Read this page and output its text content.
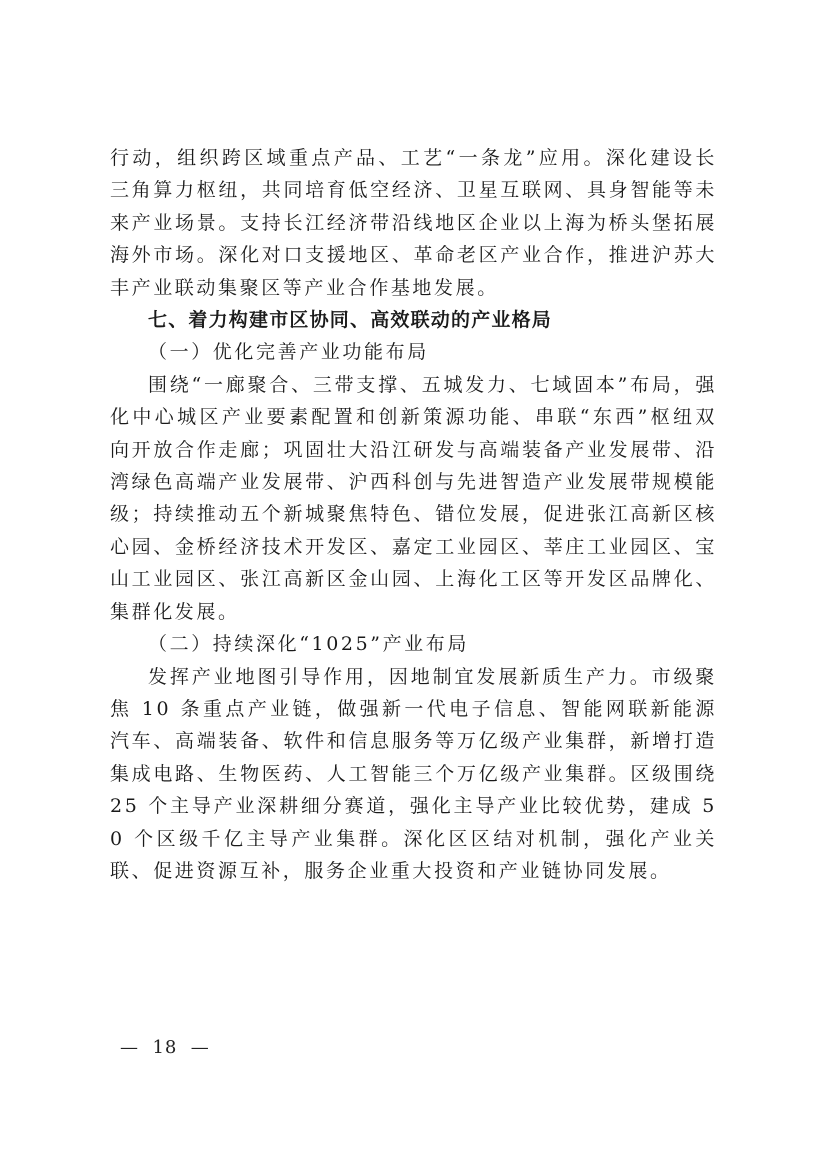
行动，组织跨区域重点产品、工艺“一条龙”应用。深化建设长三角算力枢纽，共同培育低空经济、卫星互联网、具身智能等未来产业场景。支持长江经济带沿线地区企业以上海为桥头堡拓展海外市场。深化对口支援地区、革命老区产业合作，推进沪苏大丰产业联动集聚区等产业合作基地发展。

七、着力构建市区协同、高效联动的产业格局

（一）优化完善产业功能布局

围绕“一廊聚合、三带支撑、五城发力、七域固本”布局，强化中心城区产业要素配置和创新策源功能、串联“东西”枢纽双向开放合作走廊；巩固壮大沿江研发与高端装备产业发展带、沿湾绿色高端产业发展带、沪西科创与先进智造产业发展带规模能级；持续推动五个新城聚焦特色、错位发展，促进张江高新区核心园、金桥经济技术开发区、嘉定工业园区、莘庄工业园区、宝山工业园区、张江高新区金山园、上海化工区等开发区品牌化、集群化发展。

（二）持续深化“1025”产业布局

发挥产业地图引导作用，因地制宜发展新质生产力。市级聚焦 10 条重点产业链，做强新一代电子信息、智能网联新能源汽车、高端装备、软件和信息服务等万亿级产业集群，新增打造集成电路、生物医药、人工智能三个万亿级产业集群。区级围绕 25 个主导产业深耕细分赛道，强化主导产业比较优势，建成 50 个区级千亿主导产业集群。深化区区结对机制，强化产业关联、促进资源互补，服务企业重大投资和产业链协同发展。

—  18  —
